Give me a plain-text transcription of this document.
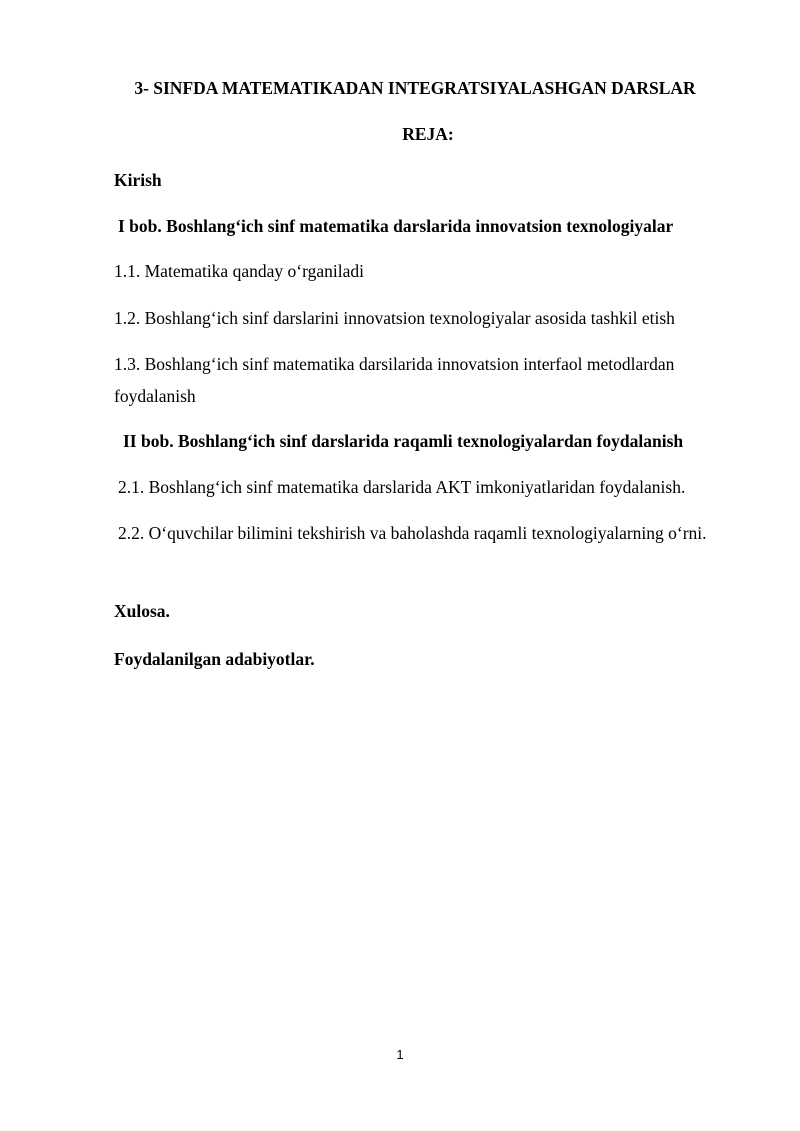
3- SINFDA MATEMATIKADAN INTEGRATSIYALASHGAN DARSLAR
REJA:
Kirish
I bob. Boshlang‘ich sinf matematika darslarida innovatsion texnologiyalar
1.1. Matematika qanday o‘rganiladi
1.2. Boshlang‘ich sinf darslarini innovatsion texnologiyalar asosida tashkil etish
1.3. Boshlang‘ich sinf matematika darsilarida innovatsion interfaol metodlardan foydalanish
II bob. Boshlang‘ich sinf darslarida raqamli texnologiyalardan foydalanish
2.1. Boshlang‘ich sinf matematika darslarida AKT imkoniyatlaridan foydalanish.
2.2. O‘quvchilar bilimini tekshirish va baholashda raqamli texnologiyalarning o‘rni.
Xulosa.
Foydalanilgan adabiyotlar.
1
